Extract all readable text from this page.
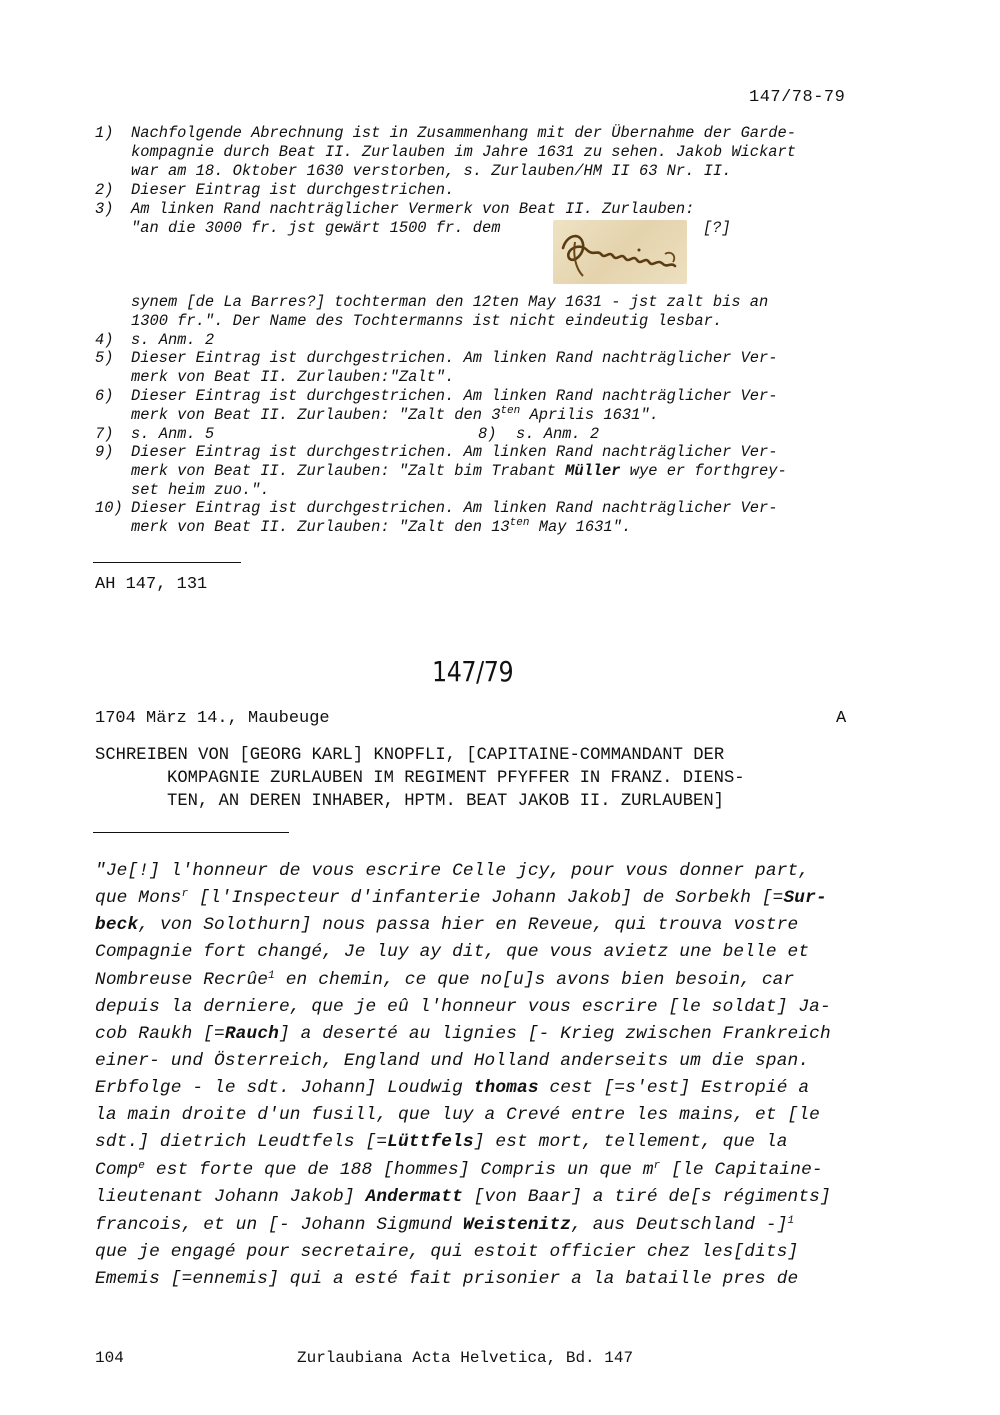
147/78-79
1) Nachfolgende Abrechnung ist in Zusammenhang mit der Übernahme der Garde-
kompagnie durch Beat II. Zurlauben im Jahre 1631 zu sehen. Jakob Wickart
war am 18. Oktober 1630 verstorben, s. Zurlauben/HM II 63 Nr. II.
2) Dieser Eintrag ist durchgestrichen.
3) Am linken Rand nachträglicher Vermerk von Beat II. Zurlauben:
"an die 3000 fr. jst gewärt 1500 fr. dem	[?]
synem [de La Barres?] tochterman den 12ten May 1631 - jst zalt bis an
1300 fr.". Der Name des Tochtermanns ist nicht eindeutig lesbar.
4) s. Anm. 2
5) Dieser Eintrag ist durchgestrichen. Am linken Rand nachträglicher Ver-
merk von Beat II. Zurlauben:"Zalt".
6) Dieser Eintrag ist durchgestrichen. Am linken Rand nachträglicher Ver-
merk von Beat II. Zurlauben: "Zalt den $3^{ten}$ Aprilis 1631".
7) s. Anm. 5	8) s. Anm. 2
9) Dieser Eintrag ist durchgestrichen. Am linken Rand nachträglicher Ver-
merk von Beat II. Zurlauben: "Zalt bim Trabant Müller wye er forthgrey-
set heim zuo.".
10) Dieser Eintrag ist durchgestrichen. Am linken Rand nachträglicher Ver-
merk von Beat II. Zurlauben: "Zalt den $13^{ten}$ May 1631".
AH 147, 131
147/79
1704 März 14., Maubeuge	A
SCHREIBEN VON [GEORG KARL] KNOPFLI, [CAPITAINE-COMMANDANT DER
KOMPAGNIE ZURLAUBEN IM REGIMENT PFYFFER IN FRANZ. DIENS-
TEN, AN DEREN INHABER, HPTM. BEAT JAKOB II. ZURLAUBEN]

"Je[!] l'honneur de vous escrire Celle jcy, pour vous donner part,

que Mons$^r$ [l'Inspecteur d'infanterie Johann Jakob] de Sorbekh [=Sur-

beck, von Solothurn] nous passa hier en Reveue, qui trouva vostre

Compagnie fort changé, Je luy ay dit, que vous avietz une belle et

Nombreuse Recrûe$^1$ en chemin, ce que no[u]s avons bien besoin, car

depuis la derniere, que je eû l'honneur vous escrire [le soldat] Ja-

cob Raukh [=Rauch] a deserté au lignies [- Krieg zwischen Frankreich

einer- und Österreich, England und Holland anderseits um die span.

Erbfolge - le sdt. Johann] Loudwig thomas cest [=s'est] Estropié a

la main droite d'un fusill, que luy a Crevé entre les mains, et [le

sdt.] dietrich Leudtfels [=Lüttfels] est mort, tellement, que la

Comp$^e$ est forte que de 188 [hommes] Compris un que $m^r$ [le Capitaine-

lieutenant Johann Jakob] Andermatt [von Baar] a tiré de[s régiments]

francois, et un [- Johann Sigmund Weistenitz, aus Deutschland -]$^1$

que je engagé pour secretaire, qui estoit officier chez les[dits]

Ememis [=ennemis] qui a esté fait prisonier a la bataille pres de

104	Zurlaubiana Acta Helvetica, Bd. 147
